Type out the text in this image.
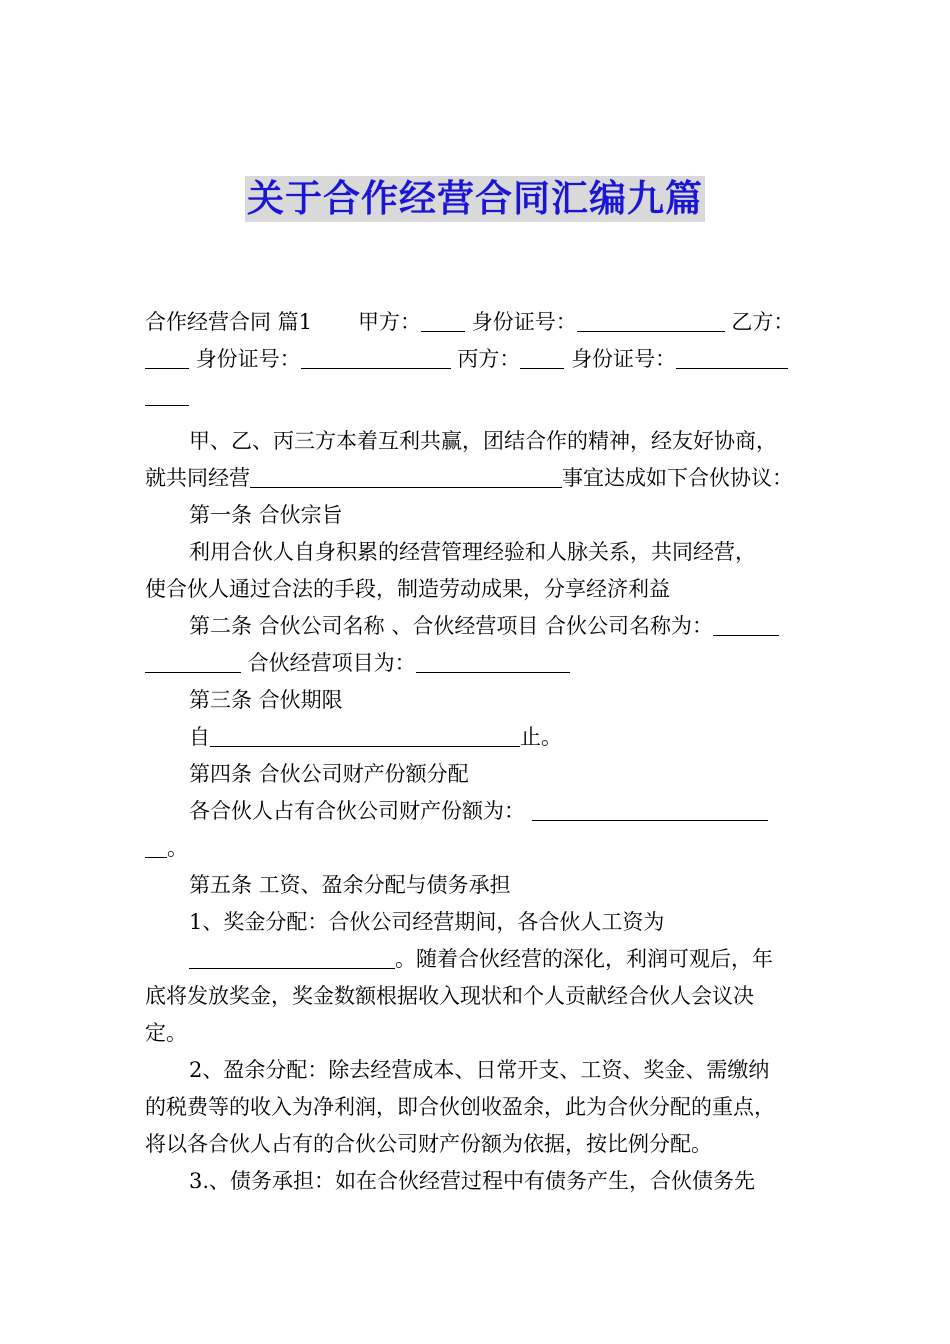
关于合作经营合同汇编九篇

合作经营合同 篇1 甲方： 身份证号：	乙方：

身份证号：	丙方： 身份证号：

甲、乙、丙三方本着互利共赢，团结合作的精神，经友好协商，

就共同经营	事宜达成如下合伙协议：

第一条 合伙宗旨

利用合伙人自身积累的经营管理经验和人脉关系，共同经营，

使合伙人通过合法的手段，制造劳动成果，分享经济利益

第二条 合伙公司名称 、合伙经营项目 合伙公司名称为：

合伙经营项目为：

第三条 合伙期限

自	止。

第四条 合伙公司财产份额分配

各合伙人占有合伙公司财产份额为：

。

第五条 工资、盈余分配与债务承担

1、奖金分配：合伙公司经营期间，各合伙人工资为

。随着合伙经营的深化，利润可观后，年

底将发放奖金，奖金数额根据收入现状和个人贡献经合伙人会议决

定。

2、盈余分配：除去经营成本、日常开支、工资、奖金、需缴纳

的税费等的收入为净利润，即合伙创收盈余，此为合伙分配的重点，

将以各合伙人占有的合伙公司财产份额为依据，按比例分配。

3.、债务承担：如在合伙经营过程中有债务产生，合伙债务先
